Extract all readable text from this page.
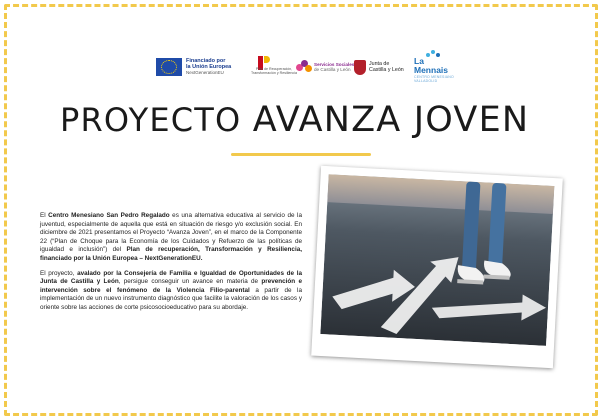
Financiado por
la Unión Europea
NextGenerationEU
Plan de Recuperación,
Transformación y Resiliencia
Servicios Sociales
de Castilla y León
Junta de
Castilla y León
La Mennais
CENTRO MENESIANO VALLADOLID
PROYECTO AVANZA JOVEN

El Centro Menesiano San Pedro Regalado es una alternativa educativa al servicio de la juventud, especialmente de aquella que está en situación de riesgo y/o exclusión social. En diciembre de 2021 presentamos el Proyecto “Avanza Joven”, en el marco de la Componente 22 (“Plan de Choque para la Economía de los Cuidados y Refuerzo de las políticas de igualdad e inclusión”) del Plan de recuperación, Transformación y Resiliencia, financiado por la Unión Europea – NextGenerationEU.

El proyecto, avalado por la Consejería de Familia e Igualdad de Oportunidades de la Junta de Castilla y León, persigue conseguir un avance en materia de prevención e intervención sobre el fenómeno de la Violencia Filio-parental a partir de la implementación de un nuevo instrumento diagnóstico que facilite la valoración de los casos y oriente sobre las acciones de corte psicosocioeducativo para su abordaje.
